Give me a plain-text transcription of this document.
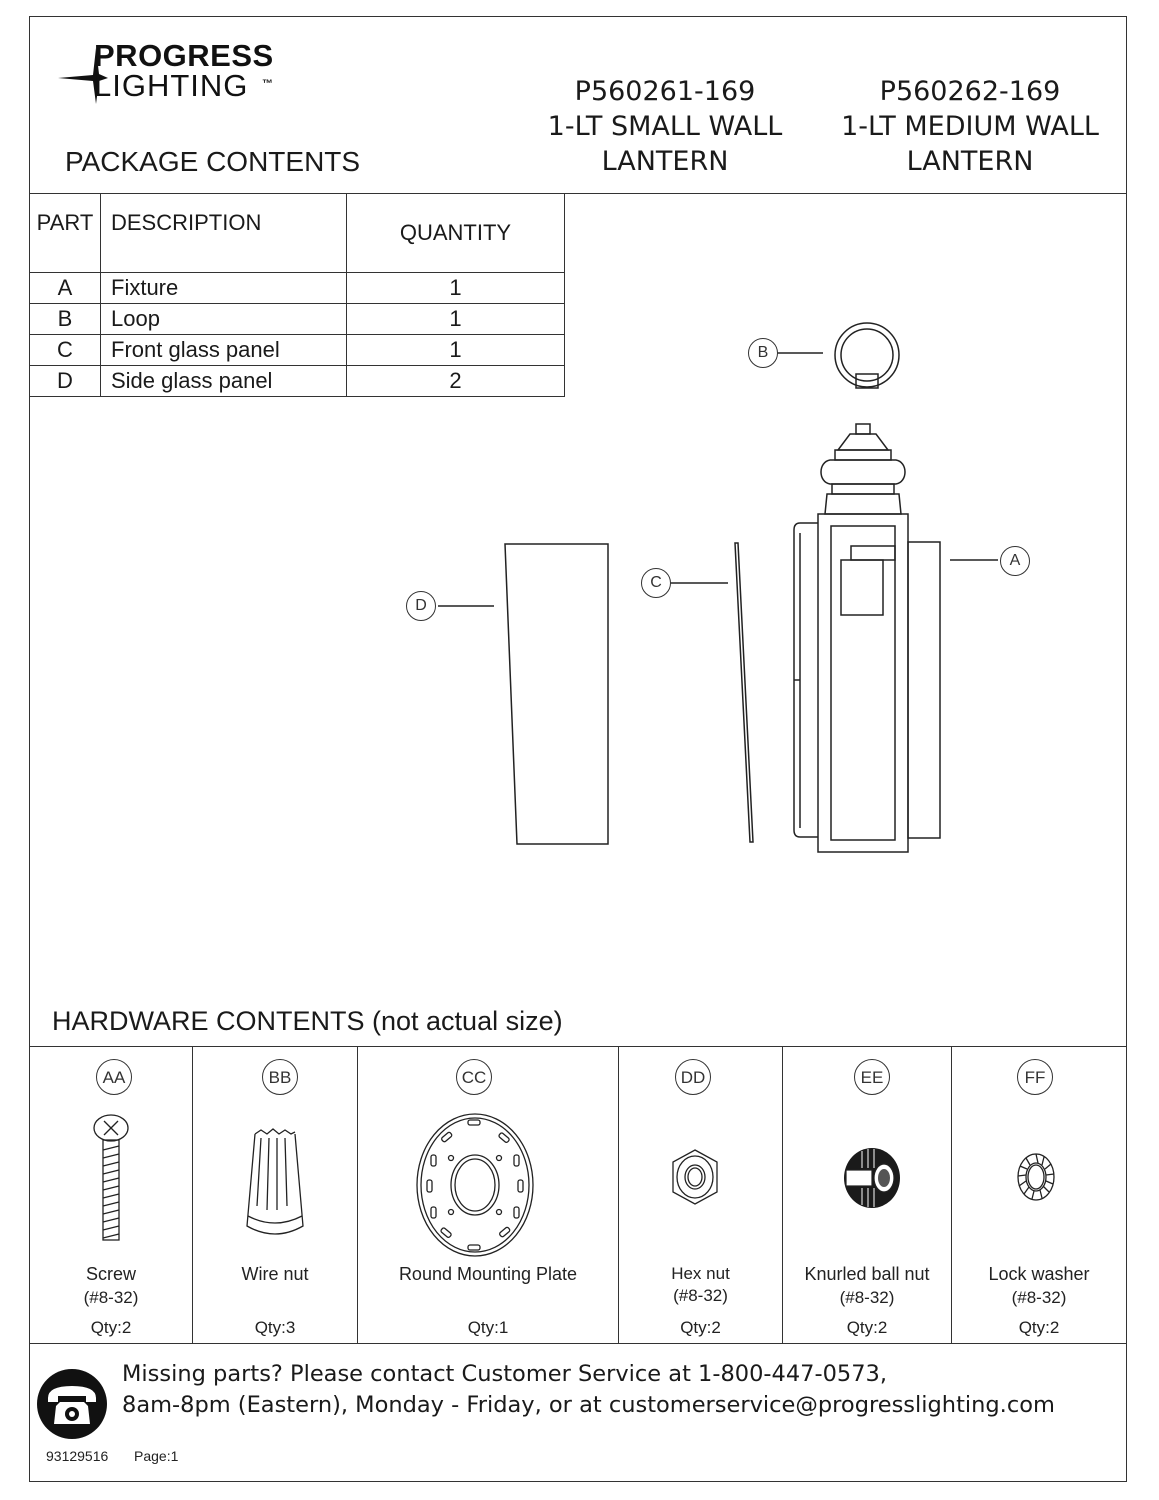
PROGRESS
LIGHTING ™	P560261-169
1-LT SMALL WALL
LANTERN
P560262-169
1-LT MEDIUM WALL
LANTERN
PACKAGE CONTENTS
PART	DESCRIPTION	QUANTITY
A	Fixture	1
B	Loop	1
C	Front glass panel	1
D	Side glass panel	2
B
D
C
A
HARDWARE CONTENTS (not actual size)
AA
Screw
(#8-32)
Qty:2
BB
Wire nut
Qty:3
CC
Round Mounting Plate
Qty:1
DD
Hex nut
(#8-32)
Qty:2
EE
Knurled ball nut
(#8-32)
Qty:2
FF
Lock washer
(#8-32)
Qty:2
Missing parts? Please contact Customer Service at 1-800-447-0573,
8am-8pm (Eastern), Monday - Friday, or at customerservice@progresslighting.com
93129516 Page:1
